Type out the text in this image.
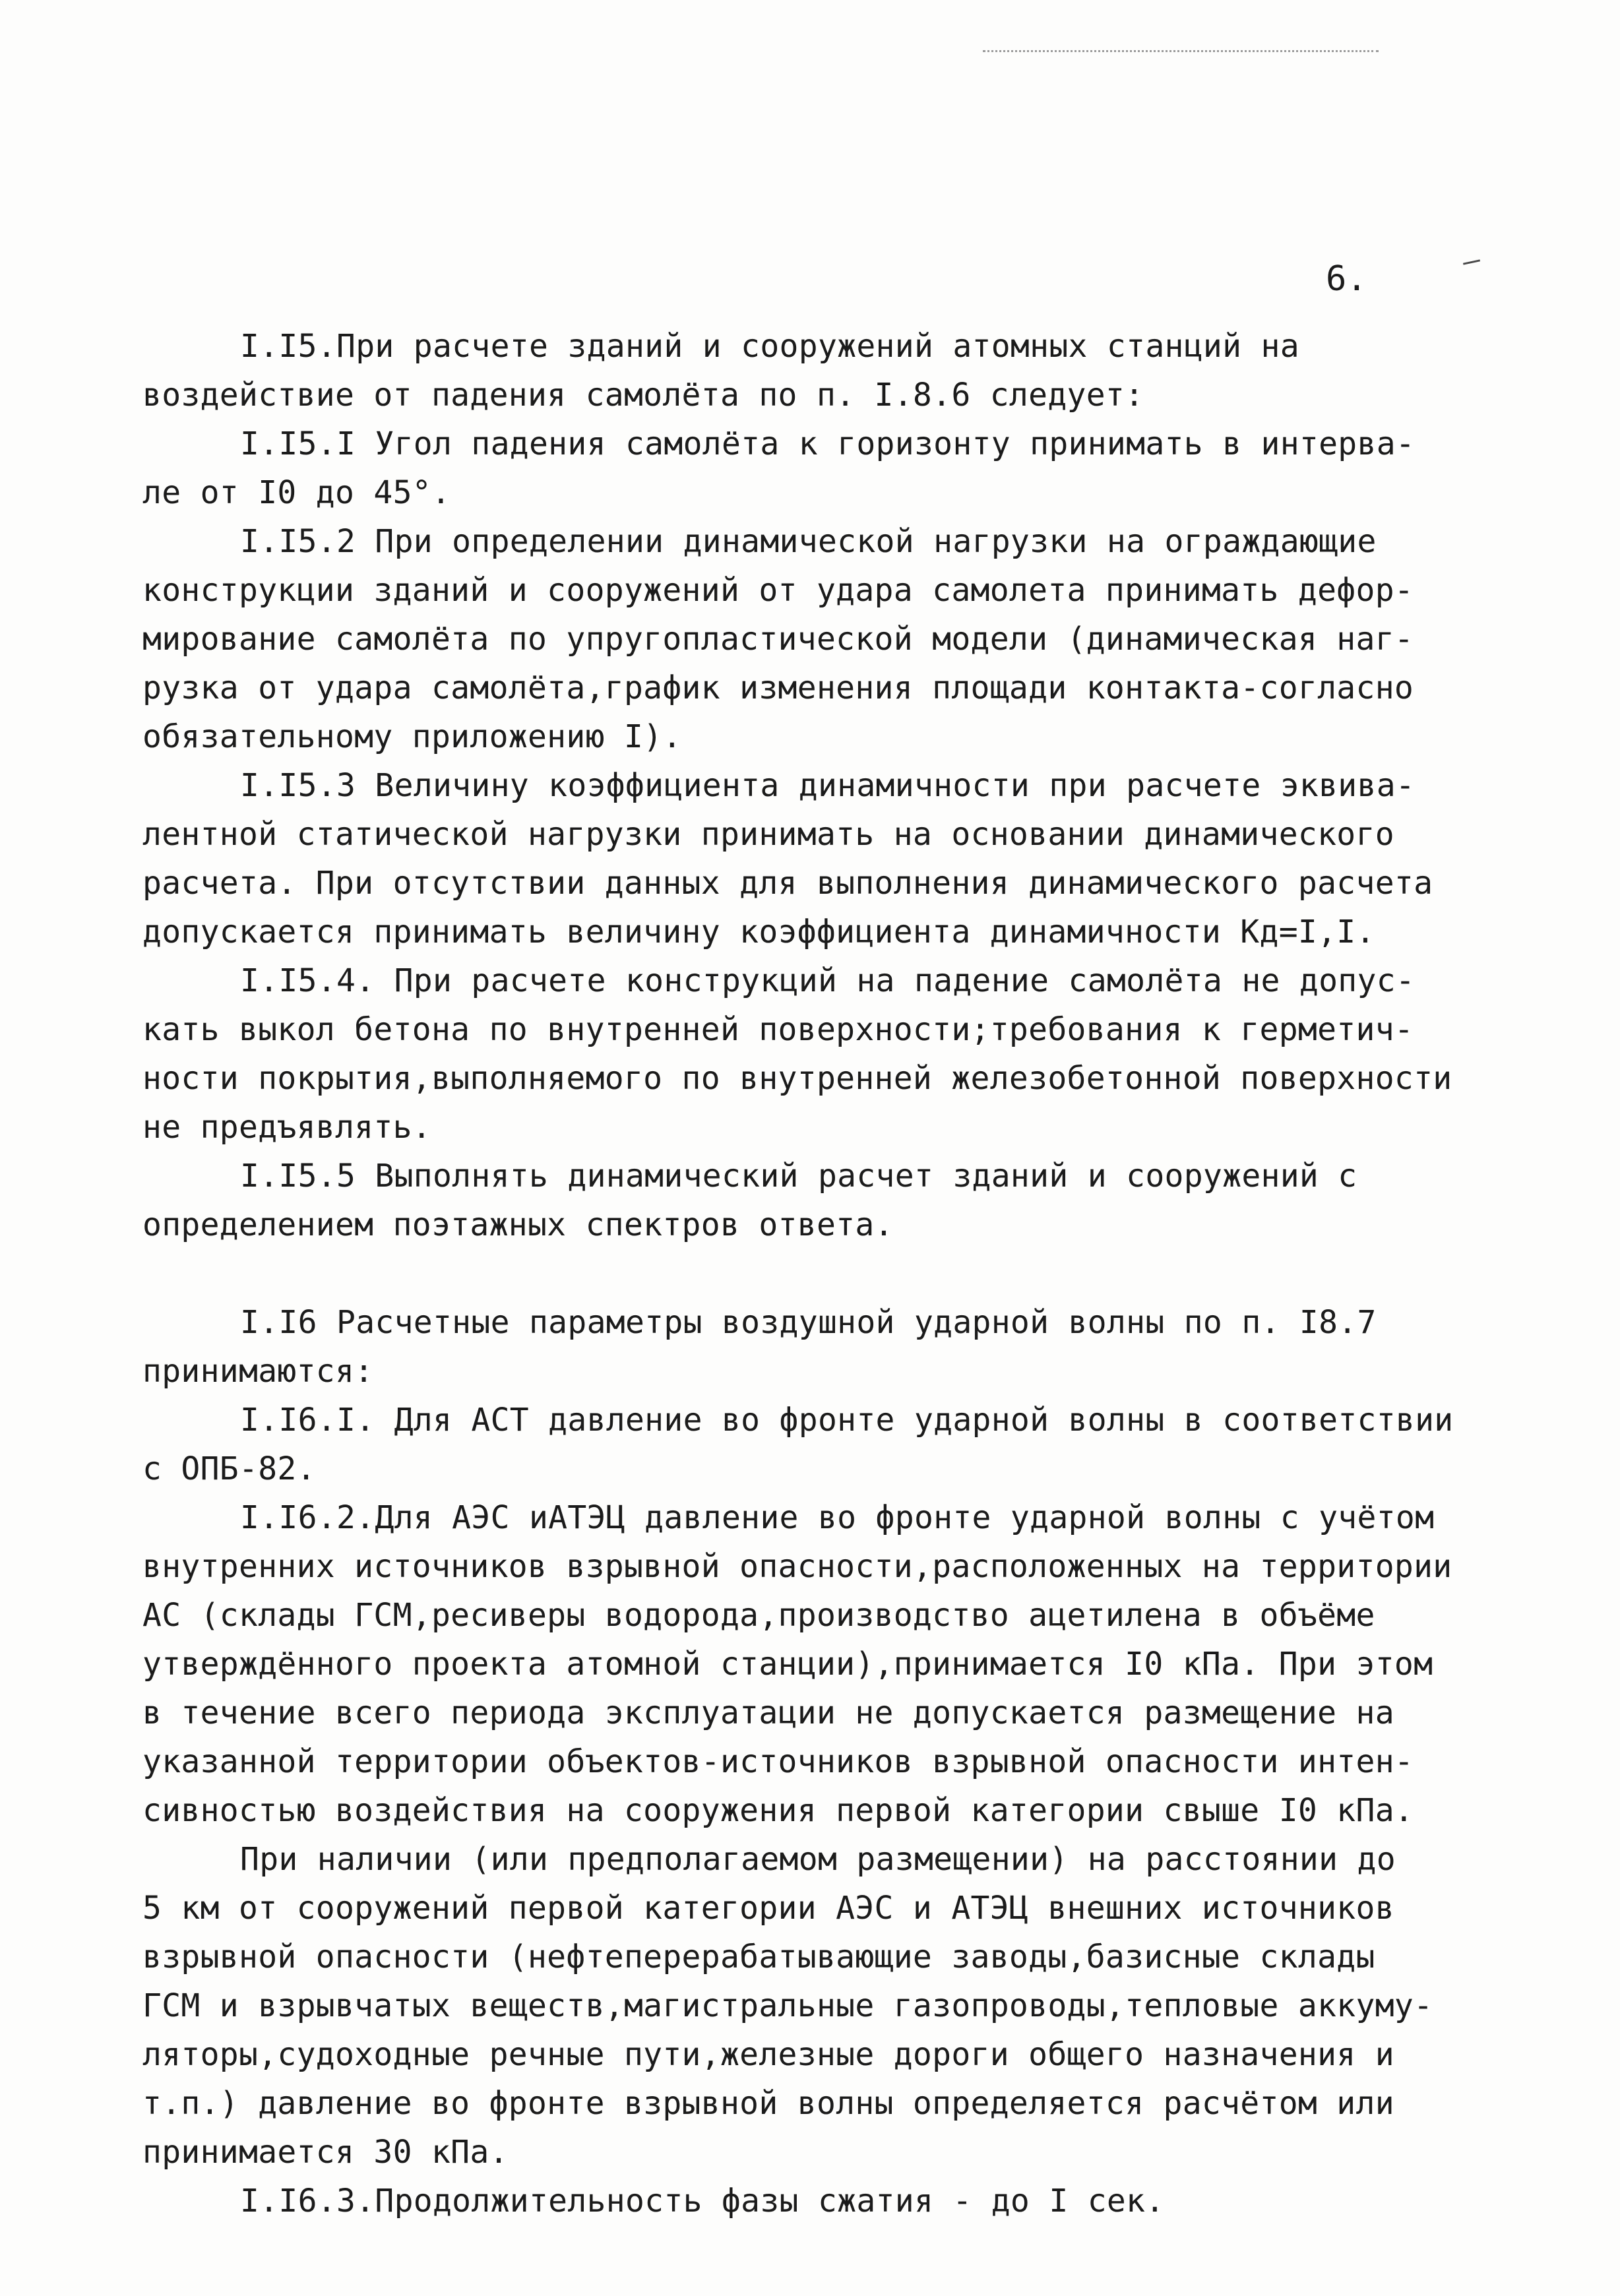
6.
I.I5.При расчете зданий и сооружений атомных станций на
воздействие от падения самолёта по п. I.8.6 следует:
I.I5.I Угол падения самолёта к горизонту принимать в интерва-
ле от I0 до 45°.
I.I5.2 При определении динамической нагрузки на ограждающие
конструкции зданий и сооружений от удара самолета принимать дефор-
мирование самолёта по упругопластической модели (динамическая наг-
рузка от удара самолёта,график изменения площади контакта-согласно
обязательному приложению I).
I.I5.3 Величину коэффициента динамичности при расчете эквива-
лентной статической нагрузки принимать на основании динамического
расчета. При отсутствии данных для выполнения динамического расчета
допускается принимать величину коэффициента динамичности Кд=I,I.
I.I5.4. При расчете конструкций на падение самолёта не допус-
кать выкол бетона по внутренней поверхности;требования к герметич-
ности покрытия,выполняемого по внутренней железобетонной поверхности
не предъявлять.
I.I5.5 Выполнять динамический расчет зданий и сооружений с
определением поэтажных спектров ответа.
I.I6 Расчетные параметры воздушной ударной волны по п. I8.7
принимаются:
I.I6.I. Для АСТ давление во фронте ударной волны в соответствии
с ОПБ-82.
I.I6.2.Для АЭС иАТЭЦ давление во фронте ударной волны с учётом
внутренних источников взрывной опасности,расположенных на территории
АС (склады ГСМ,ресиверы водорода,производство ацетилена в объёме
утверждённого проекта атомной станции),принимается I0 кПа. При этом
в течение всего периода эксплуатации не допускается размещение на
указанной территории объектов-источников взрывной опасности интен-
сивностью воздействия на сооружения первой категории свыше I0 кПа.
При наличии (или предполагаемом размещении) на расстоянии до
5 км от сооружений первой категории АЭС и АТЭЦ внешних источников
взрывной опасности (нефтеперерабатывающие заводы,базисные склады
ГСМ и взрывчатых веществ,магистральные газопроводы,тепловые аккуму-
ляторы,судоходные речные пути,железные дороги общего назначения и
т.п.) давление во фронте взрывной волны определяется расчётом или
принимается 30 кПа.
I.I6.3.Продолжительность фазы сжатия - до I сек.
